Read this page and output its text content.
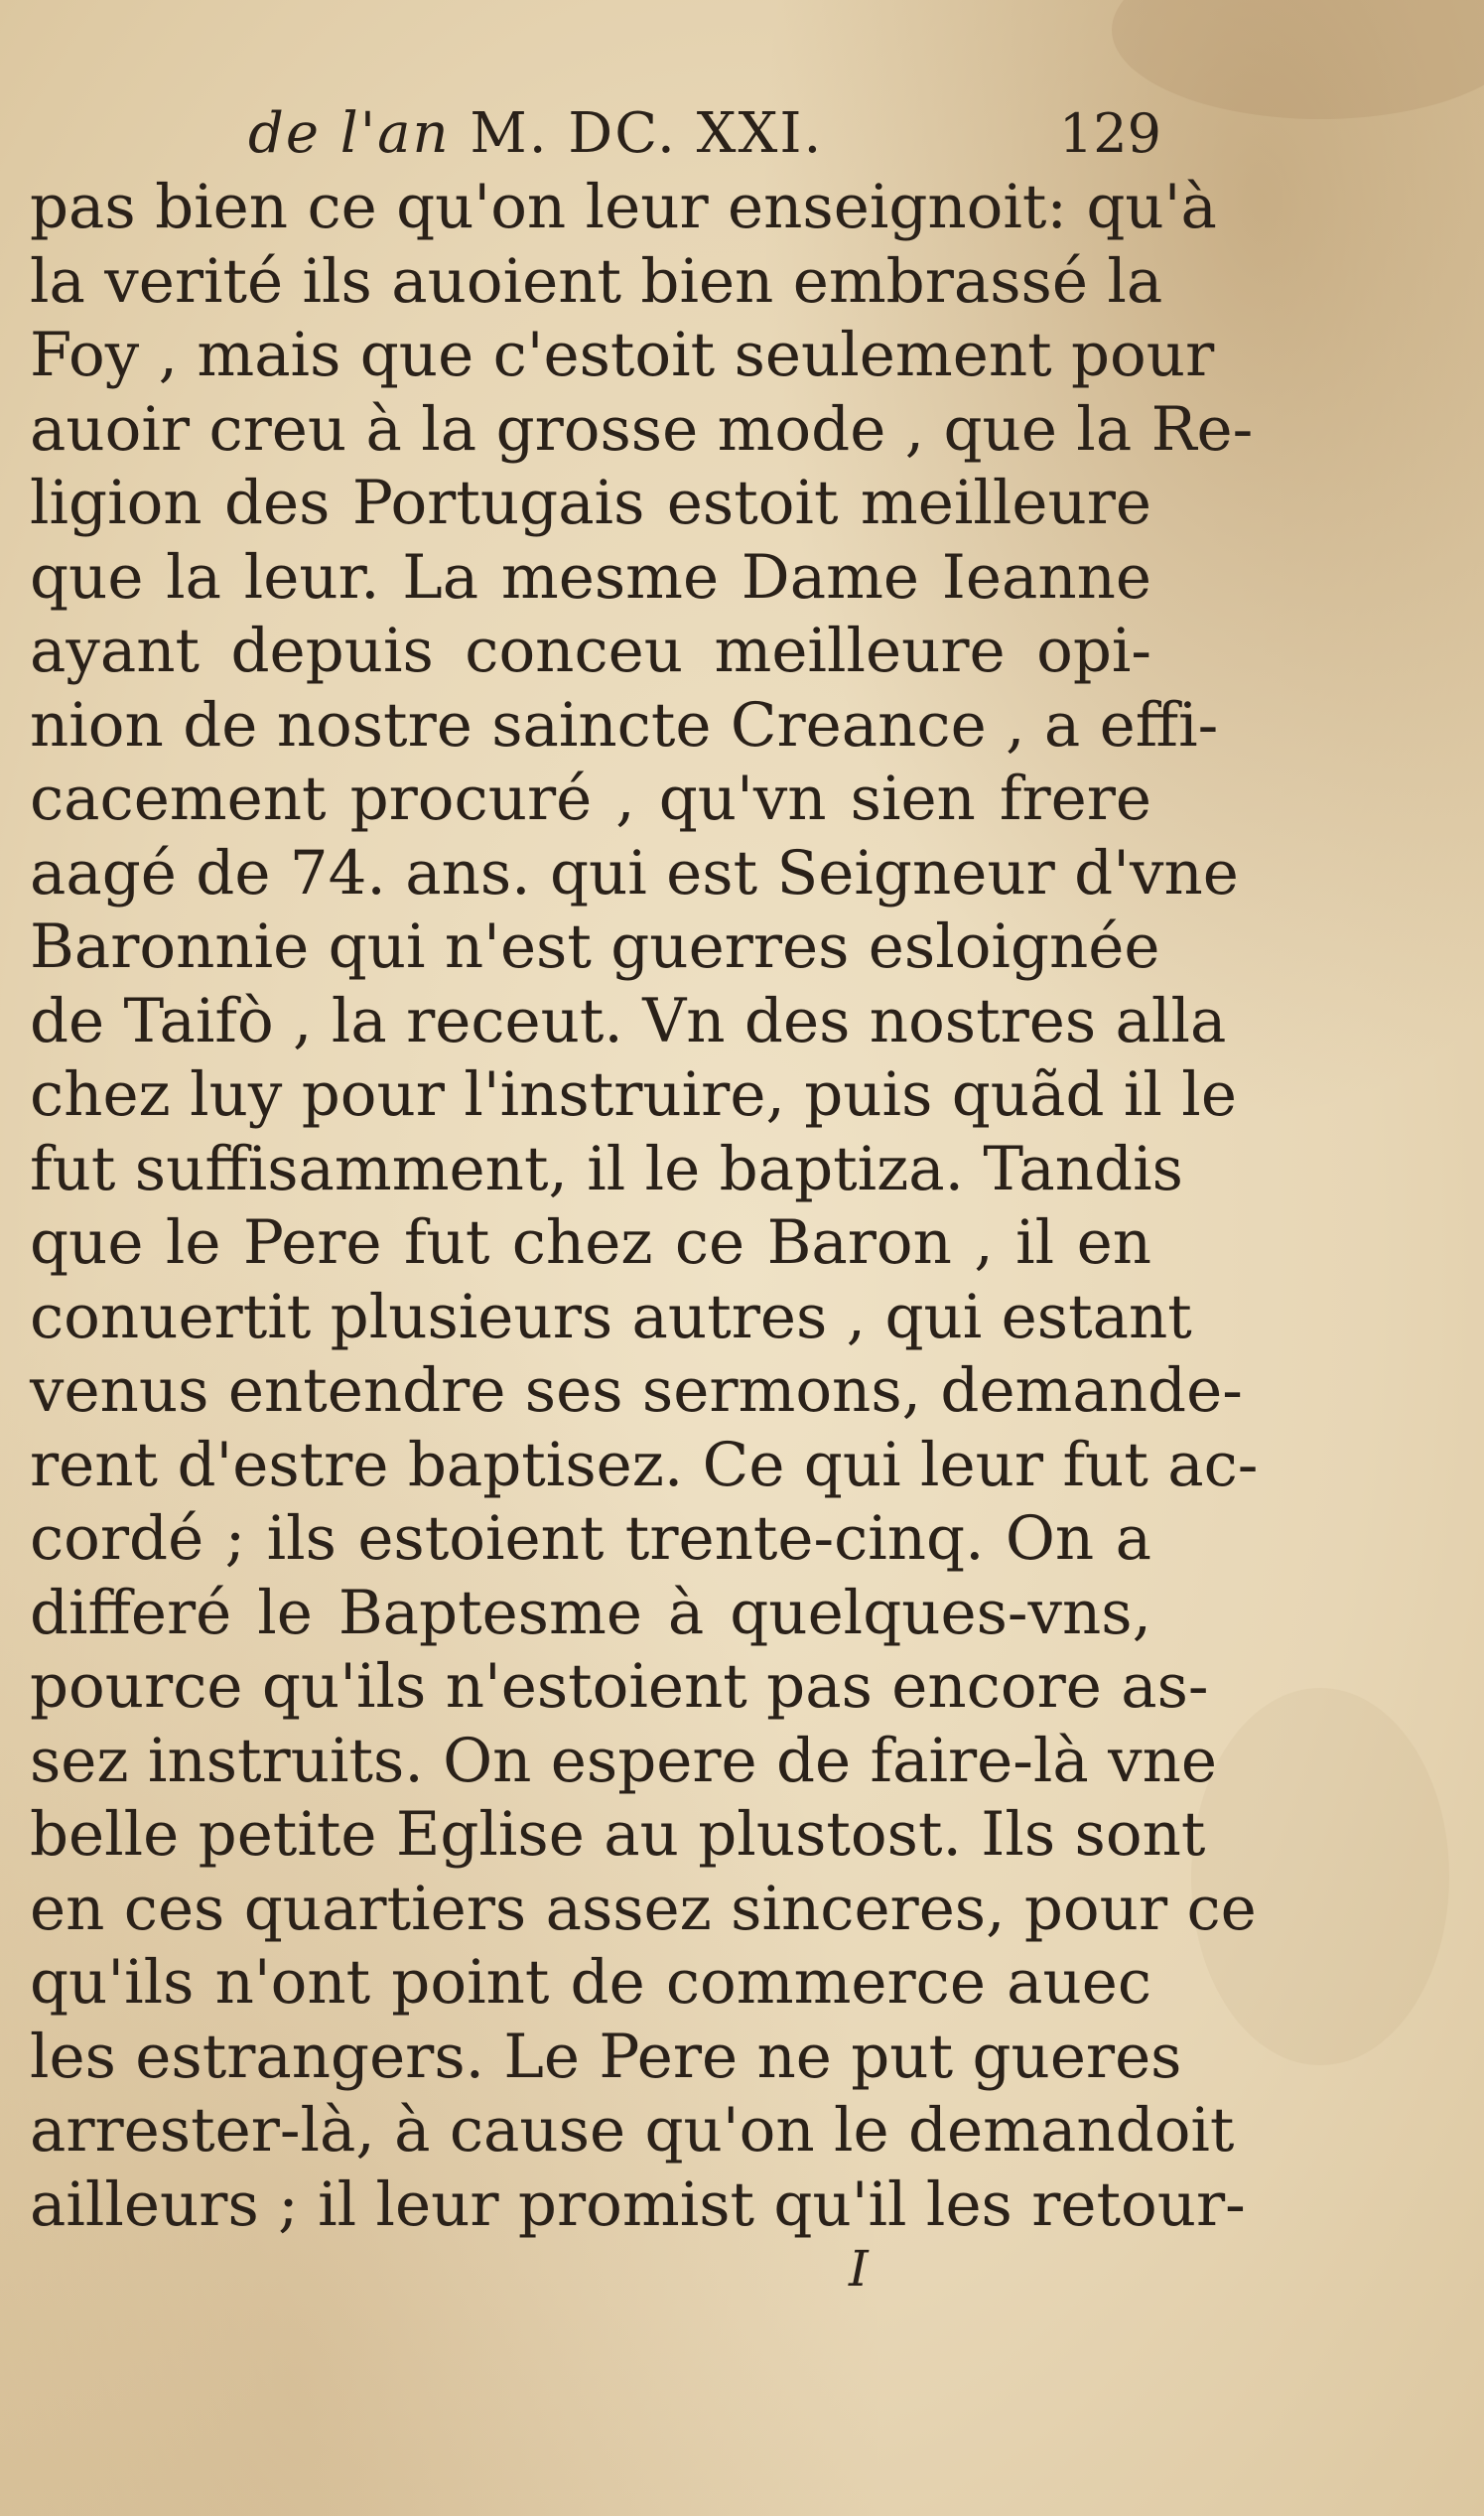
de l'an M. DC. XXI.	129
pas bien ce qu'on leur enseignoit: qu'à
la verité ils auoient bien embrassé la
Foy , mais que c'estoit seulement pour
auoir creu à la grosse mode , que la Re-
ligion des Portugais estoit meilleure
que la leur. La mesme Dame Ieanne
ayant depuis conceu meilleure opi-
nion de nostre saincte Creance , a effi-
cacement procuré , qu'vn sien frere
aagé de 74. ans. qui est Seigneur d'vne
Baronnie qui n'est guerres esloignée
de Taifò , la receut. Vn des nostres alla
chez luy pour l'instruire, puis quãd il le
fut suffisamment, il le baptiza. Tandis
que le Pere fut chez ce Baron , il en
conuertit plusieurs autres , qui estant
venus entendre ses sermons, demande-
rent d'estre baptisez. Ce qui leur fut ac-
cordé ; ils estoient trente-cinq. On a
differé le Baptesme à quelques-vns,
pource qu'ils n'estoient pas encore as-
sez instruits. On espere de faire-là vne
belle petite Eglise au plustost. Ils sont
en ces quartiers assez sinceres, pour ce
qu'ils n'ont point de commerce auec
les estrangers. Le Pere ne put gueres
arrester-là, à cause qu'on le demandoit
ailleurs ; il leur promist qu'il les retour-
I
